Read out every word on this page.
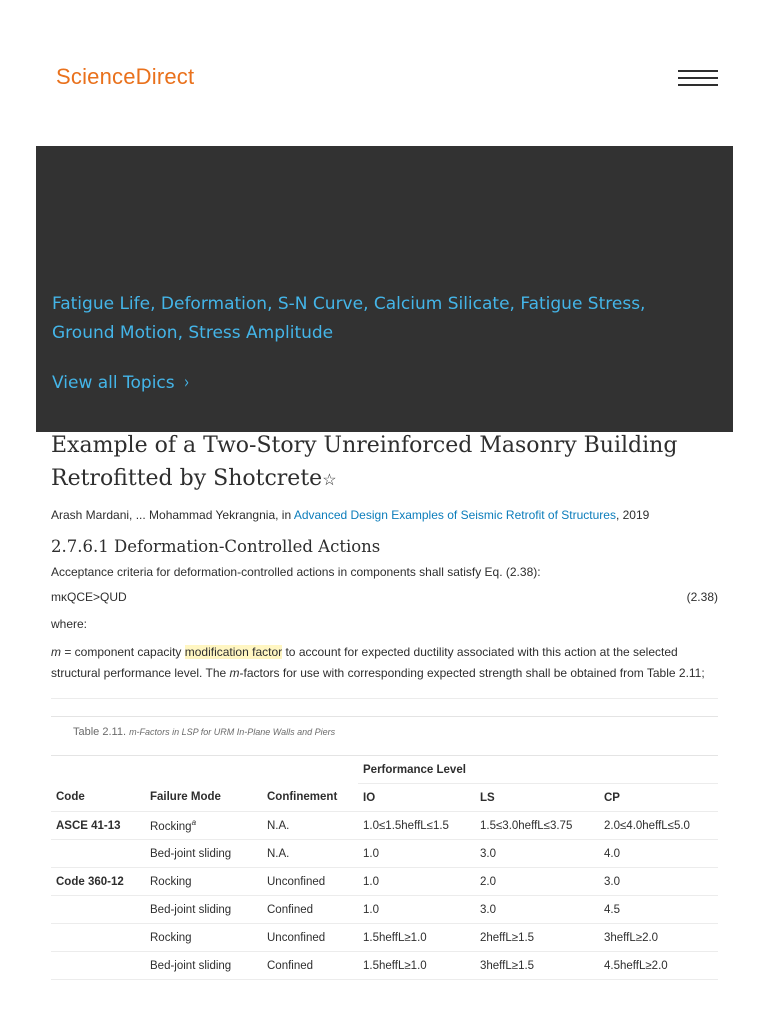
ScienceDirect
Fatigue Life, Deformation, S-N Curve, Calcium Silicate, Fatigue Stress, Ground Motion, Stress Amplitude
View all Topics ›
Example of a Two-Story Unreinforced Masonry Building Retrofitted by Shotcrete☆
Arash Mardani, ... Mohammad Yekrangnia, in Advanced Design Examples of Seismic Retrofit of Structures, 2019
2.7.6.1 Deformation-Controlled Actions
Acceptance criteria for deformation-controlled actions in components shall satisfy Eq. (2.38):
mκQCE>QUD	(2.38)
where:
m = component capacity modification factor to account for expected ductility associated with this action at the selected
structural performance level. The m-factors for use with corresponding expected strength shall be obtained from Table 2.11;
Table 2.11. m-Factors in LSP for URM In-Plane Walls and Piers
			Performance Level		
Code	Failure Mode	Confinement	IO	LS	CP
ASCE 41-13	Rocking$^a$	N.A.	1.0≤1.5heffL≤1.5	1.5≤3.0heffL≤3.75	2.0≤4.0heffL≤5.0
	Bed-joint sliding	N.A.	1.0	3.0	4.0
Code 360-12	Rocking	Unconfined	1.0	2.0	3.0
	Bed-joint sliding	Confined	1.0	3.0	4.5
	Rocking	Unconfined	1.5heffL≥1.0	2heffL≥1.5	3heffL≥2.0
	Bed-joint sliding	Confined	1.5heffL≥1.0	3heffL≥1.5	4.5heffL≥2.0
